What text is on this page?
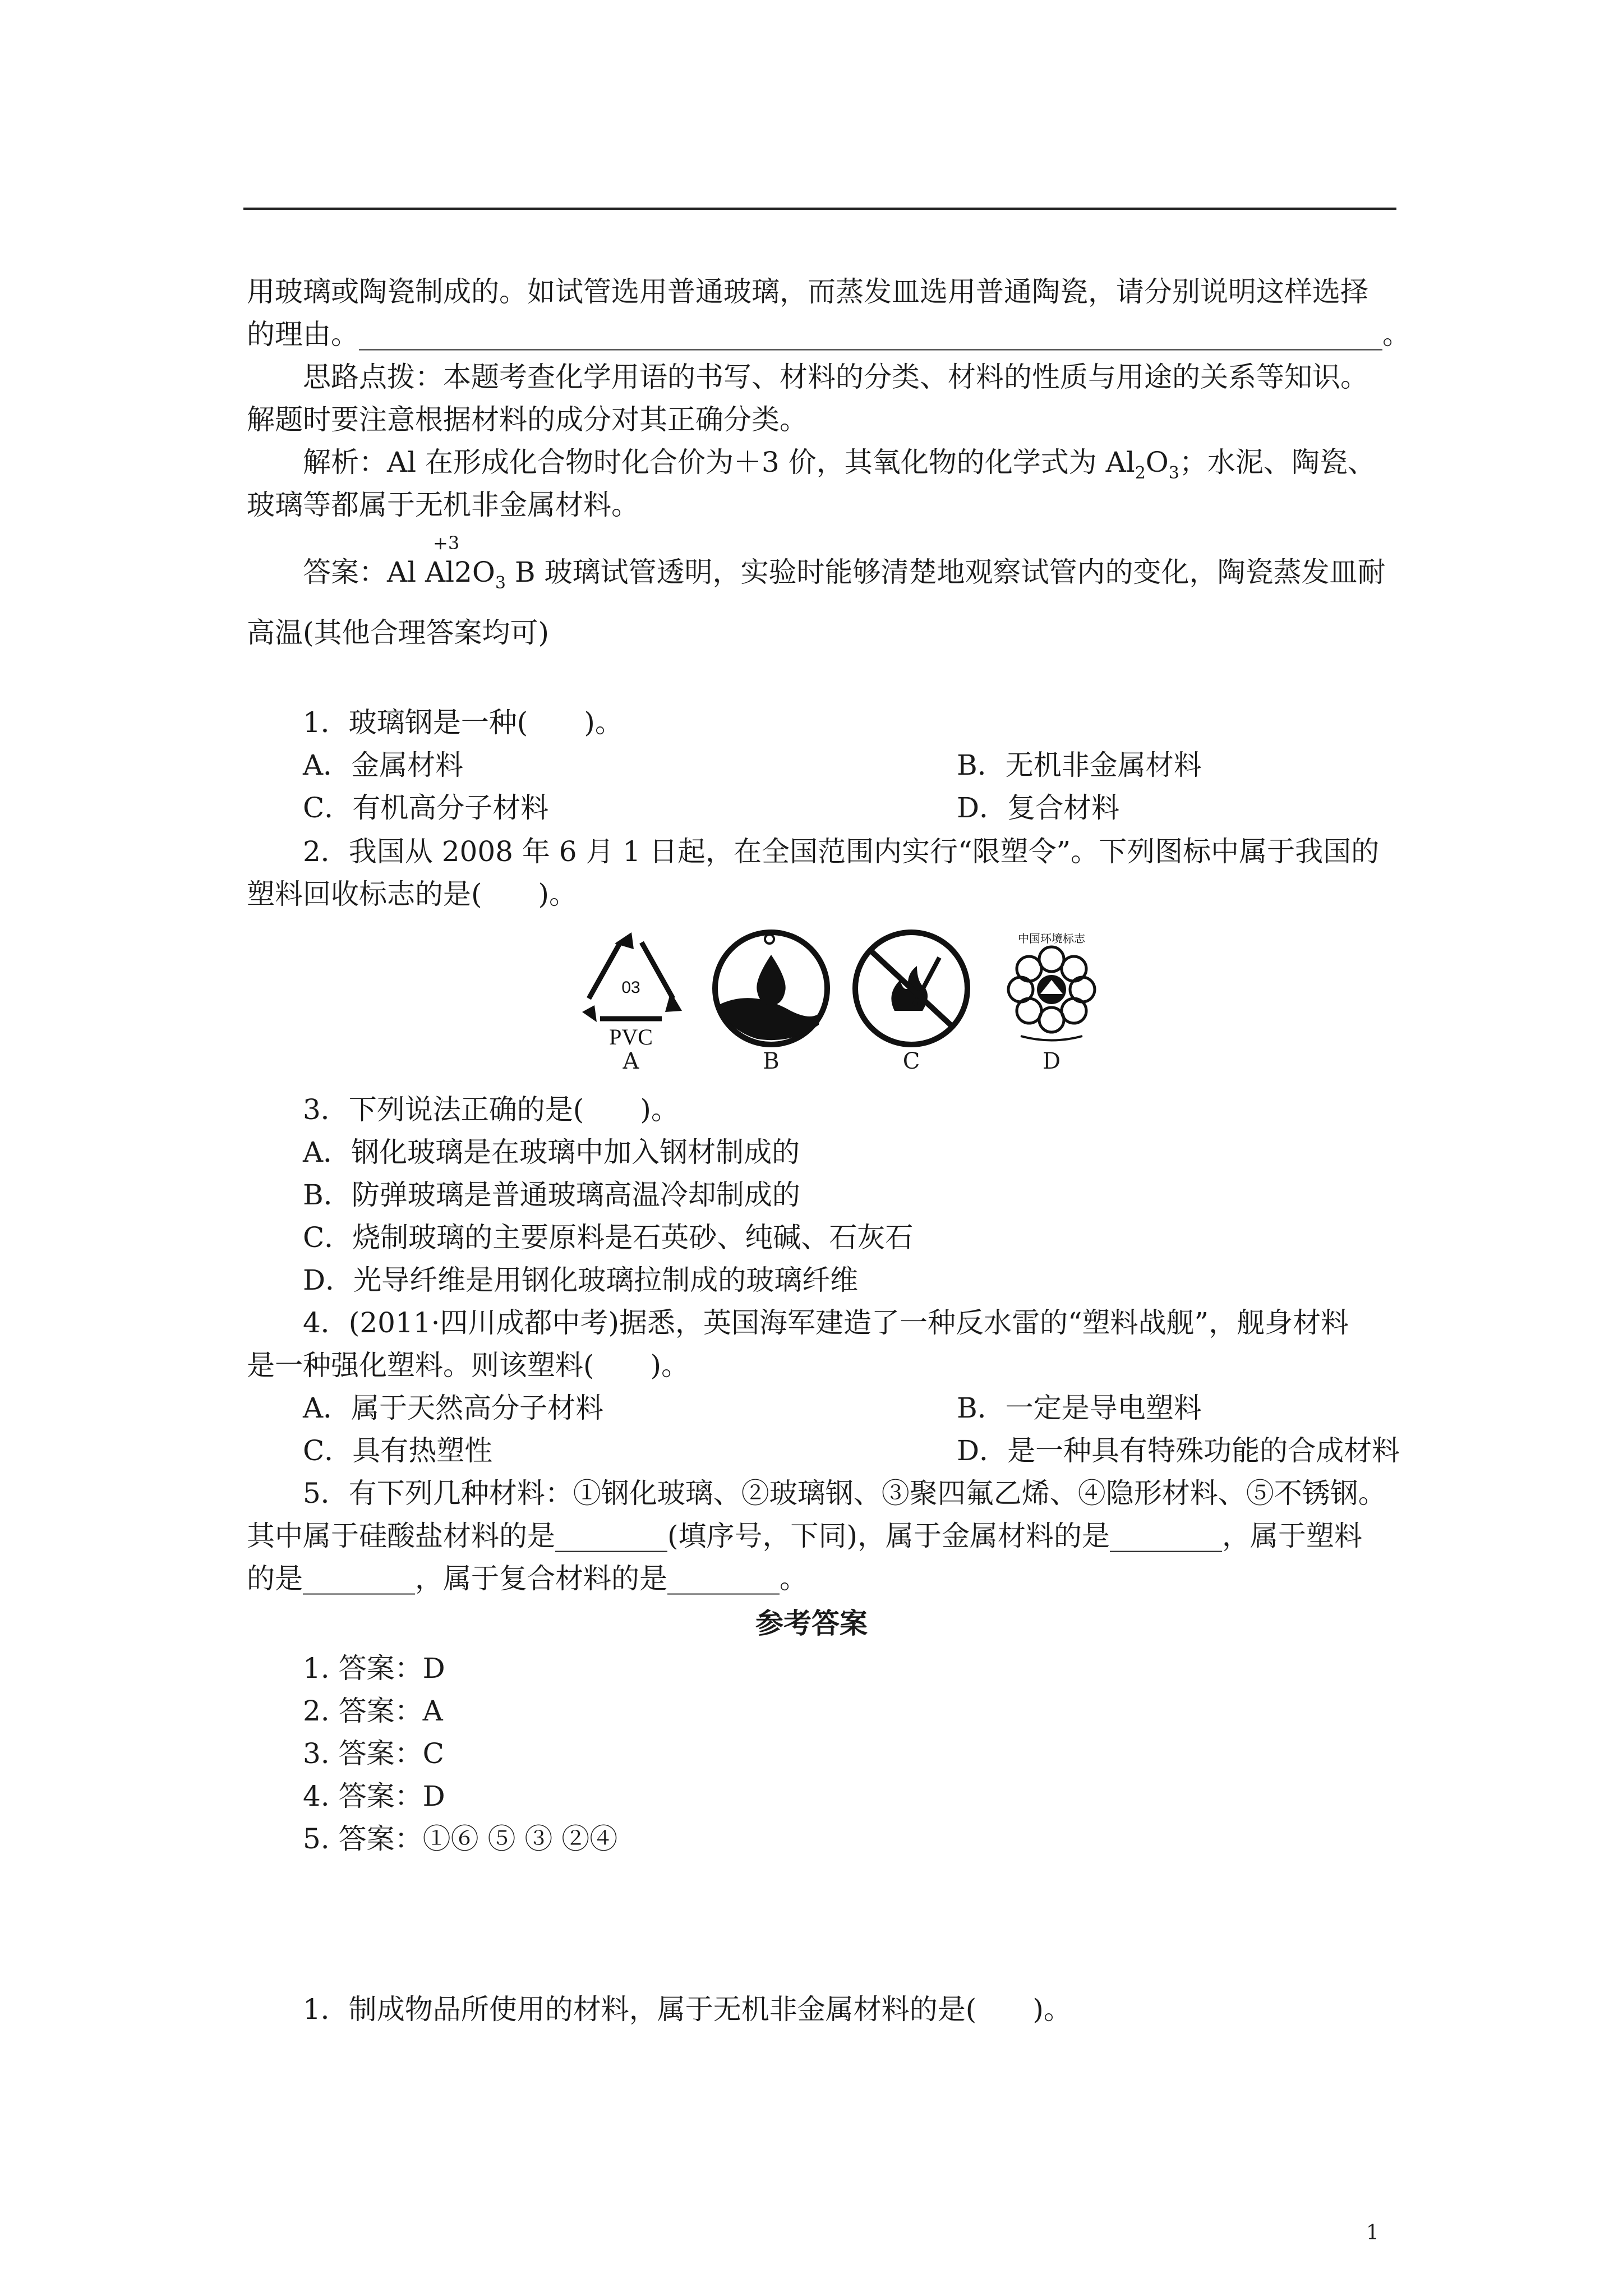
用玻璃或陶瓷制成的。如试管选用普通玻璃，而蒸发皿选用普通陶瓷，请分别说明这样选择
的理由。_________________________________________________________________________。
思路点拨：本题考查化学用语的书写、材料的分类、材料的性质与用途的关系等知识。
解题时要注意根据材料的成分对其正确分类。
解析：Al 在形成化合物时化合价为＋3 价，其氧化物的化学式为 $Al_2O_3$；水泥、陶瓷、
玻璃等都属于无机非金属材料。
+3
答案：Al $Al2O_3$ B 玻璃试管透明，实验时能够清楚地观察试管内的变化，陶瓷蒸发皿耐
高温(其他合理答案均可)
1．玻璃钢是一种(　　)。
A．金属材料	B．无机非金属材料
C．有机高分子材料	D．复合材料
2．我国从 2008 年 6 月 1 日起，在全国范围内实行“限塑令”。下列图标中属于我国的
塑料回收标志的是(　　)。
03
PVC
A	B	C
中国环境标志
D
3．下列说法正确的是(　　)。
A．钢化玻璃是在玻璃中加入钢材制成的
B．防弹玻璃是普通玻璃高温冷却制成的
C．烧制玻璃的主要原料是石英砂、纯碱、石灰石
D．光导纤维是用钢化玻璃拉制成的玻璃纤维
4．(2011·四川成都中考)据悉，英国海军建造了一种反水雷的“塑料战舰”，舰身材料
是一种强化塑料。则该塑料(　　)。
A．属于天然高分子材料	B．一定是导电塑料
C．具有热塑性	D．是一种具有特殊功能的合成材料
5．有下列几种材料：①钢化玻璃、②玻璃钢、③聚四氟乙烯、④隐形材料、⑤不锈钢。
其中属于硅酸盐材料的是________(填序号，下同)，属于金属材料的是________，属于塑料
的是________，属于复合材料的是________。
参考答案
1. 答案：D
2. 答案：A
3. 答案：C
4. 答案：D
5. 答案：①⑥ ⑤ ③ ②④
1．制成物品所使用的材料，属于无机非金属材料的是(　　)。
1
